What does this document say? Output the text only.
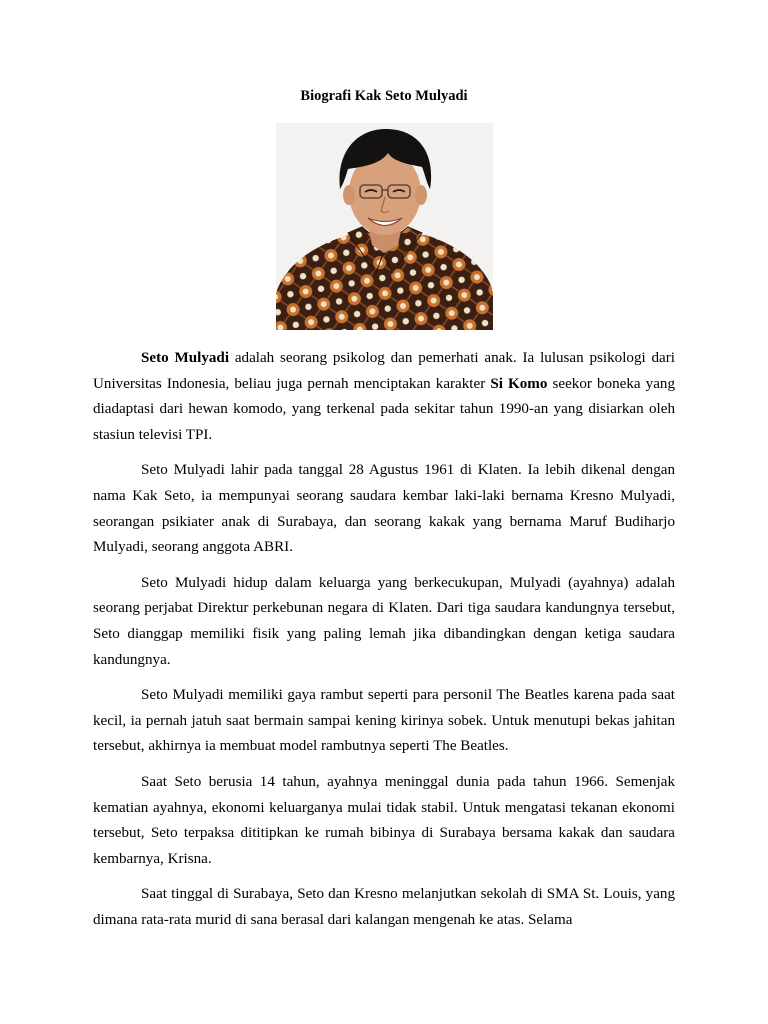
Biografi Kak Seto Mulyadi

Seto Mulyadi adalah seorang psikolog dan pemerhati anak. Ia lulusan psikologi dari Universitas Indonesia, beliau juga pernah menciptakan karakter Si Komo seekor boneka yang diadaptasi dari hewan komodo, yang terkenal pada sekitar tahun 1990-an yang disiarkan oleh stasiun televisi TPI.

Seto Mulyadi lahir pada tanggal 28 Agustus 1961 di Klaten. Ia lebih dikenal dengan nama Kak Seto, ia mempunyai seorang saudara kembar laki-laki bernama Kresno Mulyadi, seorangan psikiater anak di Surabaya, dan seorang kakak yang bernama Maruf Budiharjo Mulyadi, seorang anggota ABRI.

Seto Mulyadi hidup dalam keluarga yang berkecukupan, Mulyadi (ayahnya) adalah seorang perjabat Direktur perkebunan negara di Klaten. Dari tiga saudara kandungnya tersebut, Seto dianggap memiliki fisik yang paling lemah jika dibandingkan dengan ketiga saudara kandungnya.

Seto Mulyadi memiliki gaya rambut seperti para personil The Beatles karena pada saat kecil, ia pernah jatuh saat bermain sampai kening kirinya sobek. Untuk menutupi bekas jahitan tersebut, akhirnya ia membuat model rambutnya seperti The Beatles.

Saat Seto berusia 14 tahun, ayahnya meninggal dunia pada tahun 1966. Semenjak kematian ayahnya, ekonomi keluarganya mulai tidak stabil. Untuk mengatasi tekanan ekonomi tersebut, Seto terpaksa dititipkan ke rumah bibinya di Surabaya bersama kakak dan saudara kembarnya, Krisna.

Saat tinggal di Surabaya, Seto dan Kresno melanjutkan sekolah di SMA St. Louis, yang dimana rata-rata murid di sana berasal dari kalangan mengenah ke atas. Selama
